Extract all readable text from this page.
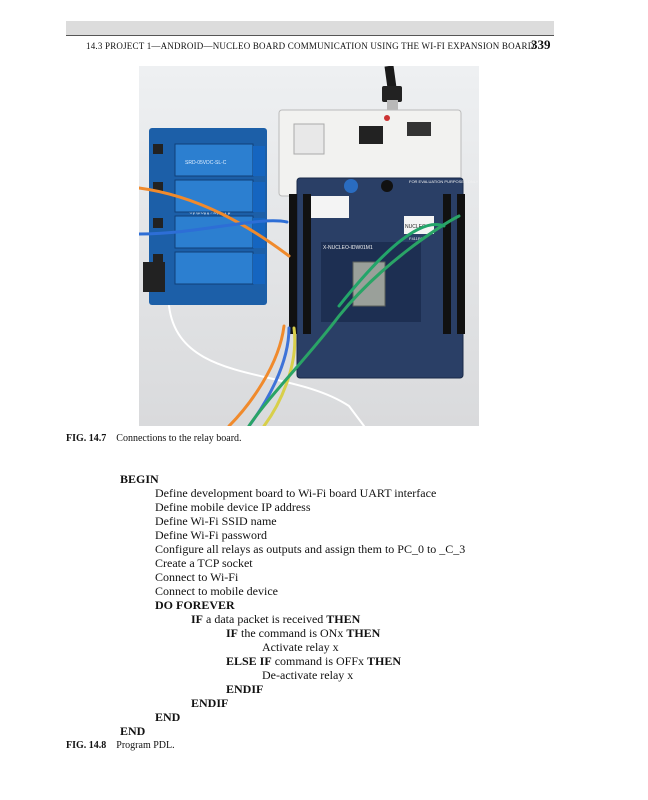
14.3 PROJECT 1—ANDROID—NUCLEO BOARD COMMUNICATION USING THE WI-FI EXPANSION BOARD
339
SRD-05VDC-SL-C
NUCLEO
F411RE
FOR EVALUATION PURPOSES ONLY
X-NUCLEO-IDW01M1
FIG. 14.7 Connections to the relay board.
BEGIN
Define development board to Wi-Fi board UART interface
Define mobile device IP address
Define Wi-Fi SSID name
Define Wi-Fi password
Configure all relays as outputs and assign them to PC_0 to _C_3
Create a TCP socket
Connect to Wi-Fi
Connect to mobile device
DO FOREVER
IF a data packet is received THEN
IF the command is ONx THEN
Activate relay x
ELSE IF command is OFFx THEN
De-activate relay x
ENDIF
ENDIF
END
END
FIG. 14.8 Program PDL.
